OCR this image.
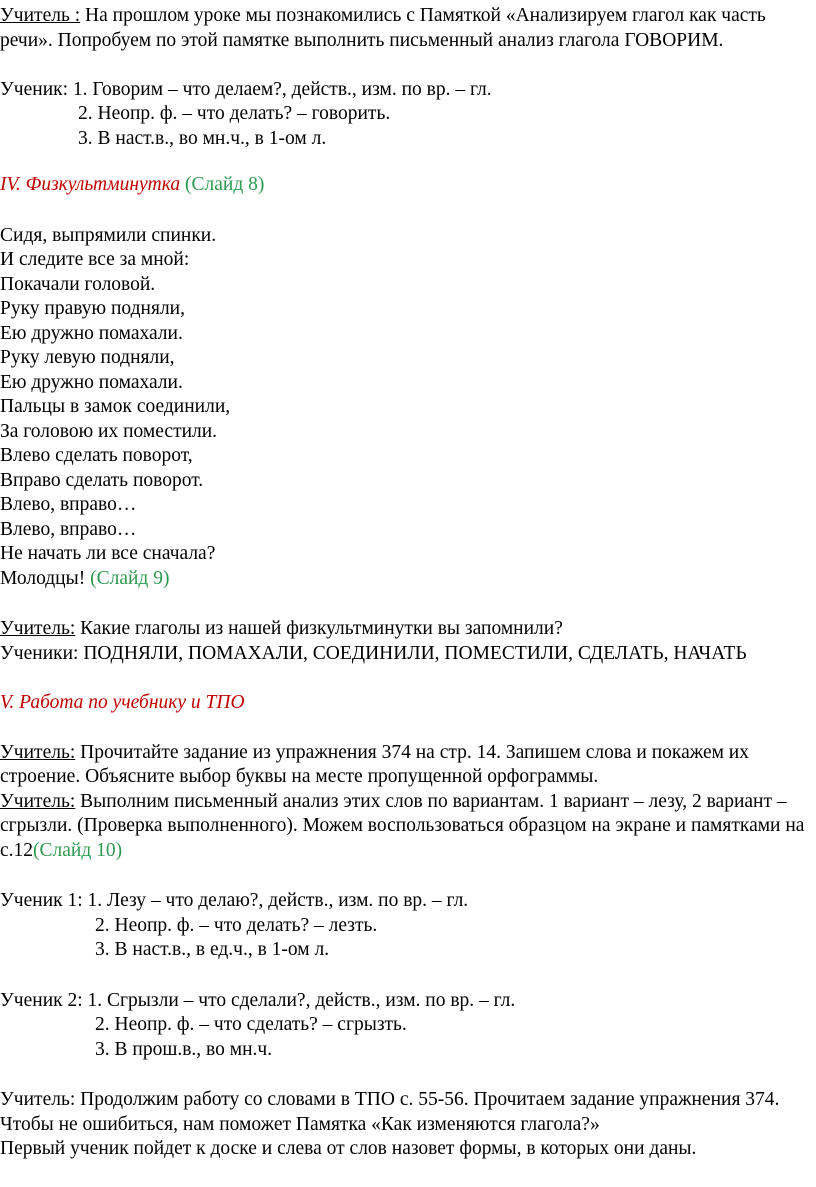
Учитель : На прошлом уроке мы познакомились с Памяткой «Анализируем глагол как часть речи». Попробуем по этой памятке выполнить письменный анализ глагола ГОВОРИМ.

Ученик: 1. Говорим – что делаем?, действ., изм. по вр. – гл.

2. Неопр. ф. – что делать? – говорить.

3. В наст.в., во мн.ч., в 1-ом л.

IV. Физкультминутка (Слайд 8)

Сидя, выпрямили спинки.

И следите все за мной:

Покачали головой.

Руку правую подняли,

Ею дружно помахали.

Руку левую подняли,

Ею дружно помахали.

Пальцы в замок соединили,

За головою их поместили.

Влево сделать поворот,

Вправо сделать поворот.

Влево, вправо…

Влево, вправо…

Не начать ли все сначала?

Молодцы! (Слайд 9)

Учитель: Какие глаголы из нашей физкультминутки вы запомнили?

Ученики: ПОДНЯЛИ, ПОМАХАЛИ, СОЕДИНИЛИ, ПОМЕСТИЛИ, СДЕЛАТЬ, НАЧАТЬ

V. Работа по учебнику и ТПО

Учитель: Прочитайте задание из упражнения 374 на стр. 14. Запишем слова и покажем их строение. Объясните выбор буквы на месте пропущенной орфограммы.

Учитель: Выполним письменный анализ этих слов по вариантам. 1 вариант – лезу, 2 вариант – сгрызли. (Проверка выполненного). Можем воспользоваться образцом на экране и памятками на с.12(Слайд 10)

Ученик 1: 1. Лезу – что делаю?, действ., изм. по вр. – гл.

2. Неопр. ф. – что делать? – лезть.

3. В наст.в., в ед.ч., в 1-ом л.

Ученик 2: 1. Сгрызли – что сделали?, действ., изм. по вр. – гл.

2. Неопр. ф. – что сделать? – сгрызть.

3. В прош.в., во мн.ч.

Учитель: Продолжим работу со словами в ТПО с. 55-56. Прочитаем задание упражнения 374. Чтобы не ошибиться, нам поможет Памятка «Как изменяются глагола?»

Первый ученик пойдет к доске и слева от слов назовет формы, в которых они даны.
